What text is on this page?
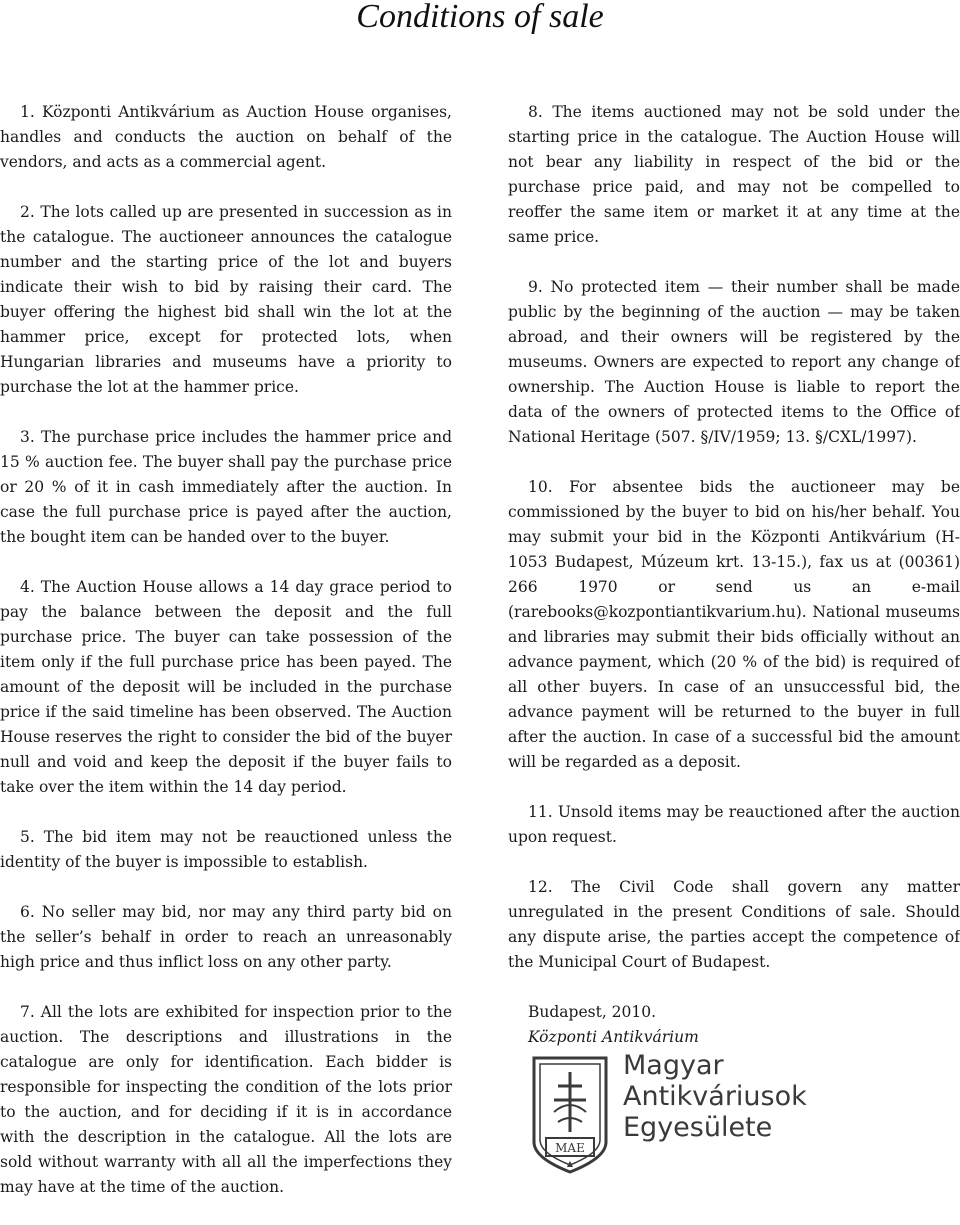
Conditions of sale

1. Központi Antikvárium as Auction House organises, handles and conducts the auction on behalf of the vendors, and acts as a commercial agent.

2. The lots called up are presented in succession as in the catalogue. The auctioneer announces the catalogue number and the starting price of the lot and buyers indicate their wish to bid by raising their card. The buyer offering the highest bid shall win the lot at the hammer price, except for protected lots, when Hungarian libraries and museums have a priority to purchase the lot at the hammer price.

3. The purchase price includes the hammer price and 15 % auction fee. The buyer shall pay the purchase price or 20 % of it in cash immediately after the auction. In case the full purchase price is payed after the auction, the bought item can be handed over to the buyer.

4. The Auction House allows a 14 day grace period to pay the balance between the deposit and the full purchase price. The buyer can take possession of the item only if the full purchase price has been payed. The amount of the deposit will be included in the purchase price if the said timeline has been observed. The Auction House reserves the right to consider the bid of the buyer null and void and keep the deposit if the buyer fails to take over the item within the 14 day period.

5. The bid item may not be reauctioned unless the identity of the buyer is impossible to establish.

6. No seller may bid, nor may any third party bid on the seller’s behalf in order to reach an unreasonably high price and thus inflict loss on any other party.

7. All the lots are exhibited for inspection prior to the auction. The descriptions and illustrations in the catalogue are only for identification. Each bidder is responsible for inspecting the condition of the lots prior to the auction, and for deciding if it is in accordance with the description in the catalogue. All the lots are sold without warranty with all all the imperfections they may have at the time of the auction.

8. The items auctioned may not be sold under the starting price in the catalogue. The Auction House will not bear any liability in respect of the bid or the purchase price paid, and may not be compelled to reoffer the same item or market it at any time at the same price.

9. No protected item — their number shall be made public by the beginning of the auction — may be taken abroad, and their owners will be registered by the museums. Owners are expected to report any change of ownership. The Auction House is liable to report the data of the owners of protected items to the Office of National Heritage (507. §/IV/1959; 13. §/CXL/1997).

10. For absentee bids the auctioneer may be commissioned by the buyer to bid on his/her behalf. You may submit your bid in the Központi Antikvárium (H-1053 Budapest, Múzeum krt. 13-15.), fax us at (00361) 266 1970 or send us an e-mail (rarebooks@kozpontiantikvarium.hu). National museums and libraries may submit their bids officially without an advance payment, which (20 % of the bid) is required of all other buyers. In case of an unsuccessful bid, the advance payment will be returned to the buyer in full after the auction. In case of a successful bid the amount will be regarded as a deposit.

11. Unsold items may be reauctioned after the auction upon request.

12. The Civil Code shall govern any matter unregulated in the present Conditions of sale. Should any dispute arise, the parties accept the competence of the Municipal Court of Budapest.

Budapest, 2010.
Központi Antikvárium
MAE
▲
Magyar
Antikváriusok
Egyesülete
